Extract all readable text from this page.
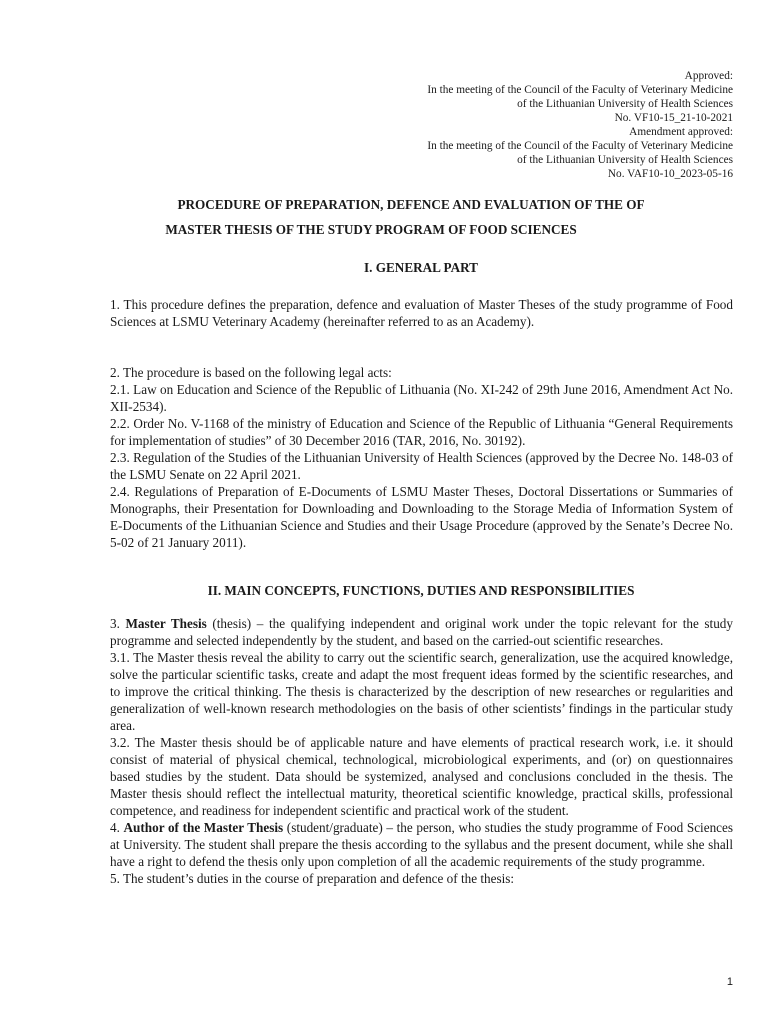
Approved:
In the meeting of the Council of the Faculty of Veterinary Medicine
of the Lithuanian University of Health Sciences
No. VF10-15_21-10-2021
Amendment approved:
In the meeting of the Council of the Faculty of Veterinary Medicine
of the Lithuanian University of Health Sciences
No. VAF10-10_2023-05-16
PROCEDURE OF PREPARATION, DEFENCE AND EVALUATION OF THE OF
MASTER THESIS OF THE STUDY PROGRAM OF FOOD SCIENCES
I. GENERAL PART

1. This procedure defines the preparation, defence and evaluation of Master Theses of the study programme of Food Sciences at LSMU Veterinary Academy (hereinafter referred to as an Academy).

2. The procedure is based on the following legal acts:

2.1. Law on Education and Science of the Republic of Lithuania (No. XI-242 of 29th June 2016, Amendment Act No. XII-2534).

2.2. Order No. V-1168 of the ministry of Education and Science of the Republic of Lithuania “General Requirements for implementation of studies” of 30 December 2016 (TAR, 2016, No. 30192).

2.3. Regulation of the Studies of the Lithuanian University of Health Sciences (approved by the Decree No. 148-03 of the LSMU Senate on 22 April 2021.

2.4. Regulations of Preparation of E-Documents of LSMU Master Theses, Doctoral Dissertations or Summaries of Monographs, their Presentation for Downloading and Downloading to the Storage Media of Information System of E-Documents of the Lithuanian Science and Studies and their Usage Procedure (approved by the Senate’s Decree No. 5-02 of 21 January 2011).

II. MAIN CONCEPTS, FUNCTIONS, DUTIES AND RESPONSIBILITIES

3. Master Thesis (thesis) – the qualifying independent and original work under the topic relevant for the study programme and selected independently by the student, and based on the carried-out scientific researches.

3.1. The Master thesis reveal the ability to carry out the scientific search, generalization, use the acquired knowledge, solve the particular scientific tasks, create and adapt the most frequent ideas formed by the scientific researches, and to improve the critical thinking. The thesis is characterized by the description of new researches or regularities and generalization of well-known research methodologies on the basis of other scientists’ findings in the particular study area.

3.2. The Master thesis should be of applicable nature and have elements of practical research work, i.e. it should consist of material of physical chemical, technological, microbiological experiments, and (or) on questionnaires based studies by the student. Data should be systemized, analysed and conclusions concluded in the thesis. The Master thesis should reflect the intellectual maturity, theoretical scientific knowledge, practical skills, professional competence, and readiness for independent scientific and practical work of the student.

4. Author of the Master Thesis (student/graduate) – the person, who studies the study programme of Food Sciences at University. The student shall prepare the thesis according to the syllabus and the present document, while she shall have a right to defend the thesis only upon completion of all the academic requirements of the study programme.

5. The student’s duties in the course of preparation and defence of the thesis:

1
